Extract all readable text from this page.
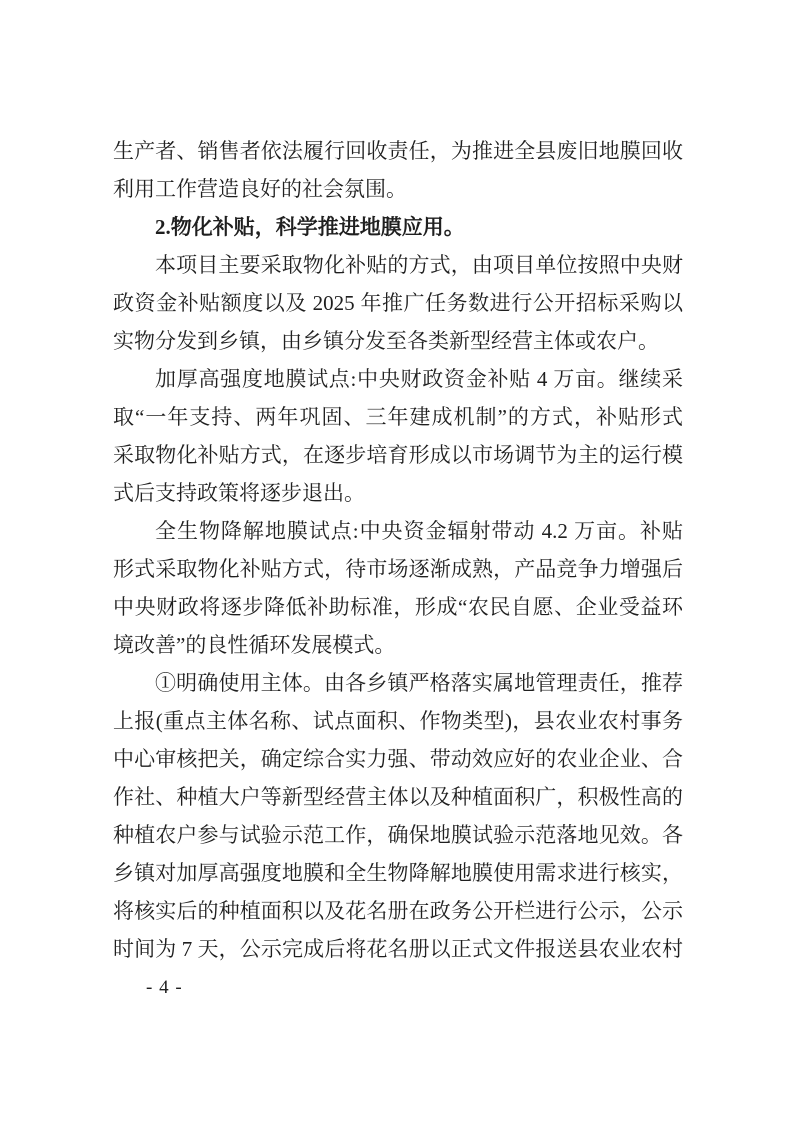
生产者、销售者依法履行回收责任，为推进全县废旧地膜回收
利用工作营造良好的社会氛围。
2.物化补贴，科学推进地膜应用。
本项目主要采取物化补贴的方式，由项目单位按照中央财
政资金补贴额度以及 2025 年推广任务数进行公开招标采购以
实物分发到乡镇，由乡镇分发至各类新型经营主体或农户。
加厚高强度地膜试点:中央财政资金补贴 4 万亩。继续采
取“一年支持、两年巩固、三年建成机制”的方式，补贴形式
采取物化补贴方式，在逐步培育形成以市场调节为主的运行模
式后支持政策将逐步退出。
全生物降解地膜试点:中央资金辐射带动 4.2 万亩。补贴
形式采取物化补贴方式，待市场逐渐成熟，产品竞争力增强后
中央财政将逐步降低补助标准，形成“农民自愿、企业受益环
境改善”的良性循环发展模式。
①明确使用主体。由各乡镇严格落实属地管理责任，推荐
上报(重点主体名称、试点面积、作物类型)，县农业农村事务
中心审核把关，确定综合实力强、带动效应好的农业企业、合
作社、种植大户等新型经营主体以及种植面积广，积极性高的
种植农户参与试验示范工作，确保地膜试验示范落地见效。各
乡镇对加厚高强度地膜和全生物降解地膜使用需求进行核实，
将核实后的种植面积以及花名册在政务公开栏进行公示，公示
时间为 7 天，公示完成后将花名册以正式文件报送县农业农村
- 4 -
